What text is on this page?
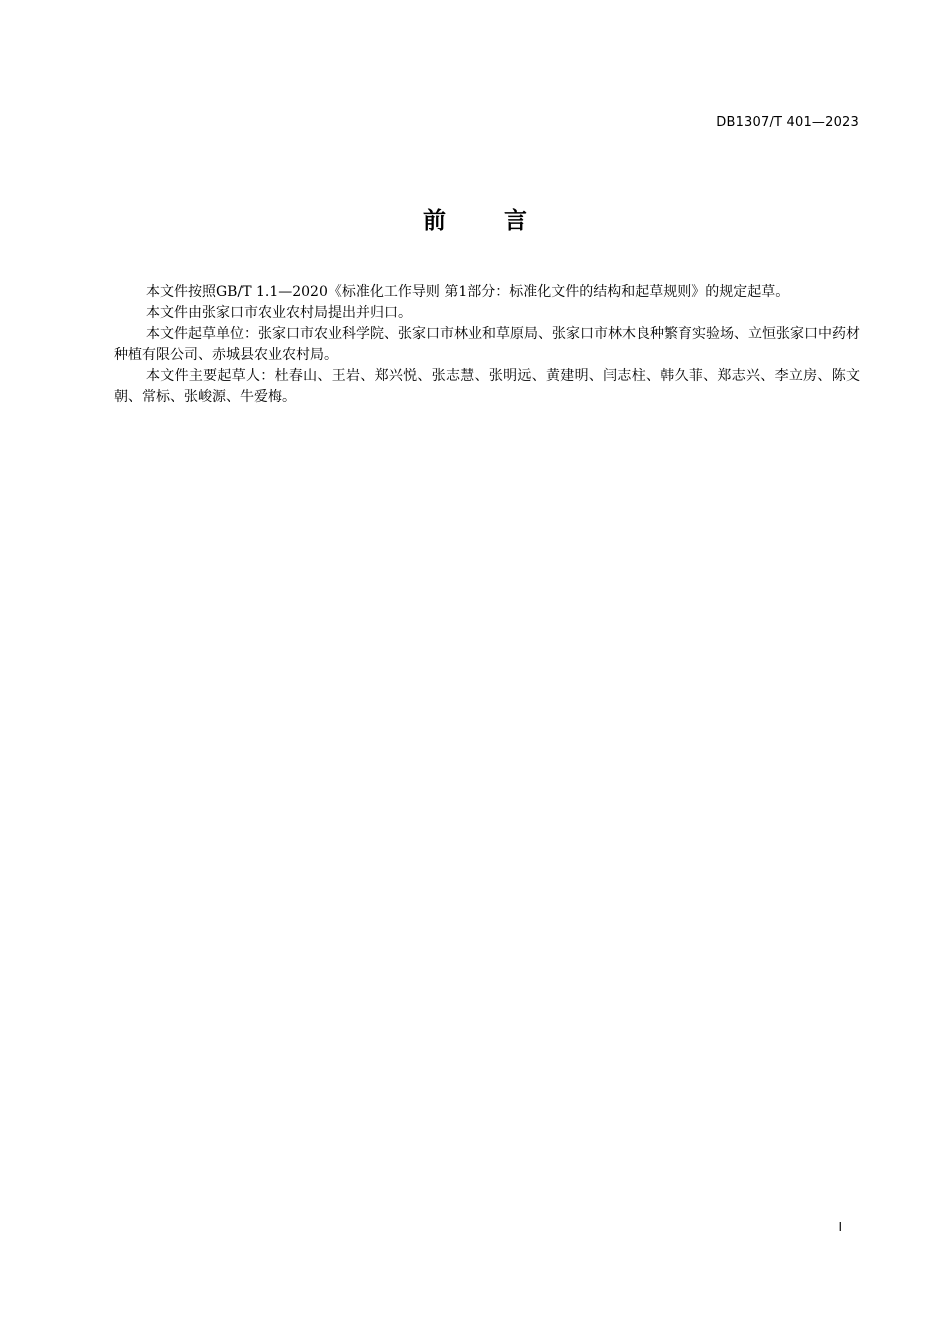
DB1307/T 401—2023
前言

本文件按照GB/T 1.1—2020《标准化工作导则 第1部分：标准化文件的结构和起草规则》的规定起草。

本文件由张家口市农业农村局提出并归口。

本文件起草单位：张家口市农业科学院、张家口市林业和草原局、张家口市林木良种繁育实验场、立恒张家口中药材种植有限公司、赤城县农业农村局。

本文件主要起草人：杜春山、王岩、郑兴悦、张志慧、张明远、黄建明、闫志柱、韩久菲、郑志兴、李立房、陈文朝、常标、张峻源、牛爱梅。

I
